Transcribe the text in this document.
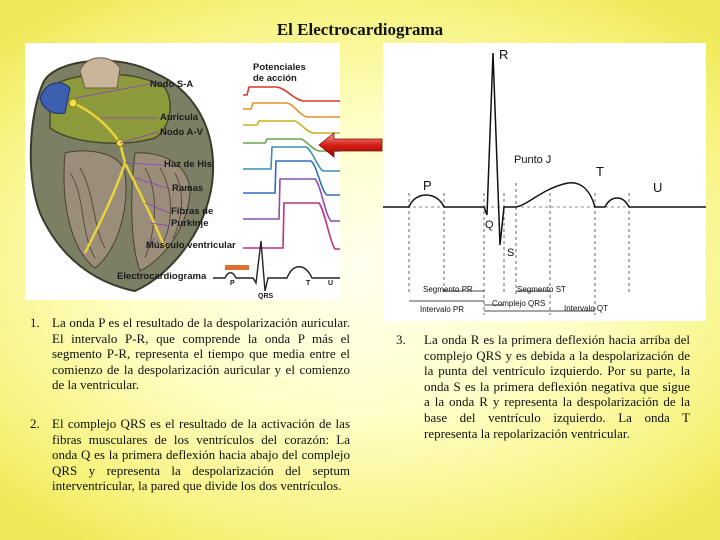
El Electrocardiograma
Nodo S-A
Potenciales
de acción
Aurícula
Nodo A-V
Haz de His
Ramas
Fibras de
Purkinje
Músculo ventricular
Electrocardiograma
P
QRS
T	U
R
P
Punto J
T
U
Q
S
Segmento PR	Segmento ST
Intervalo PR
Complejo QRS
Intervalo QT
1. La onda P es el resultado de la despolarización auricular. El intervalo P-R, que comprende la onda P más el segmento P-R, representa el tiempo que media entre el comienzo de la despolarización auricular y el comienzo de la ventricular.
2. El complejo QRS es el resultado de la activación de las fibras musculares de los ventrículos del corazón: La onda Q es la primera deflexión hacia abajo del complejo QRS y representa la despolarización del septum interventricular, la pared que divide los dos ventrículos.
3. La onda R es la primera deflexión hacia arriba del complejo QRS y es debida a la despolarización de la punta del ventrículo izquierdo. Por su parte, la onda S es la primera deflexión negativa que sigue a la onda R y representa la despolarización de la base del ventrículo izquierdo. La onda T representa la repolarización ventricular.
